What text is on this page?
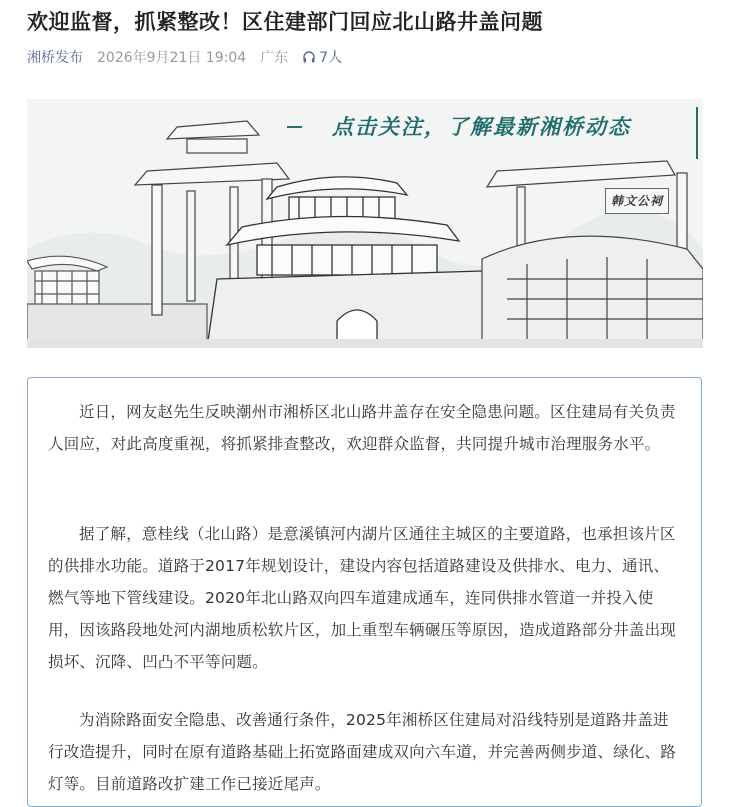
欢迎监督，抓紧整改！区住建部门回应北山路井盖问题
湘桥发布 2026年9月21日 19:04 广东 7人
点击关注，了解最新湘桥动态
韩文公祠

近日，网友赵先生反映潮州市湘桥区北山路井盖存在安全隐患问题。区住建局有关负责人回应，对此高度重视，将抓紧排查整改，欢迎群众监督，共同提升城市治理服务水平。

据了解，意桂线（北山路）是意溪镇河内湖片区通往主城区的主要道路，也承担该片区的供排水功能。道路于2017年规划设计，建设内容包括道路建设及供排水、电力、通讯、燃气等地下管线建设。2020年北山路双向四车道建成通车，连同供排水管道一并投入使用，因该路段地处河内湖地质松软片区，加上重型车辆碾压等原因，造成道路部分井盖出现损坏、沉降、凹凸不平等问题。

为消除路面安全隐患、改善通行条件，2025年湘桥区住建局对沿线特别是道路井盖进行改造提升，同时在原有道路基础上拓宽路面建成双向六车道，并完善两侧步道、绿化、路灯等。目前道路改扩建工作已接近尾声。
